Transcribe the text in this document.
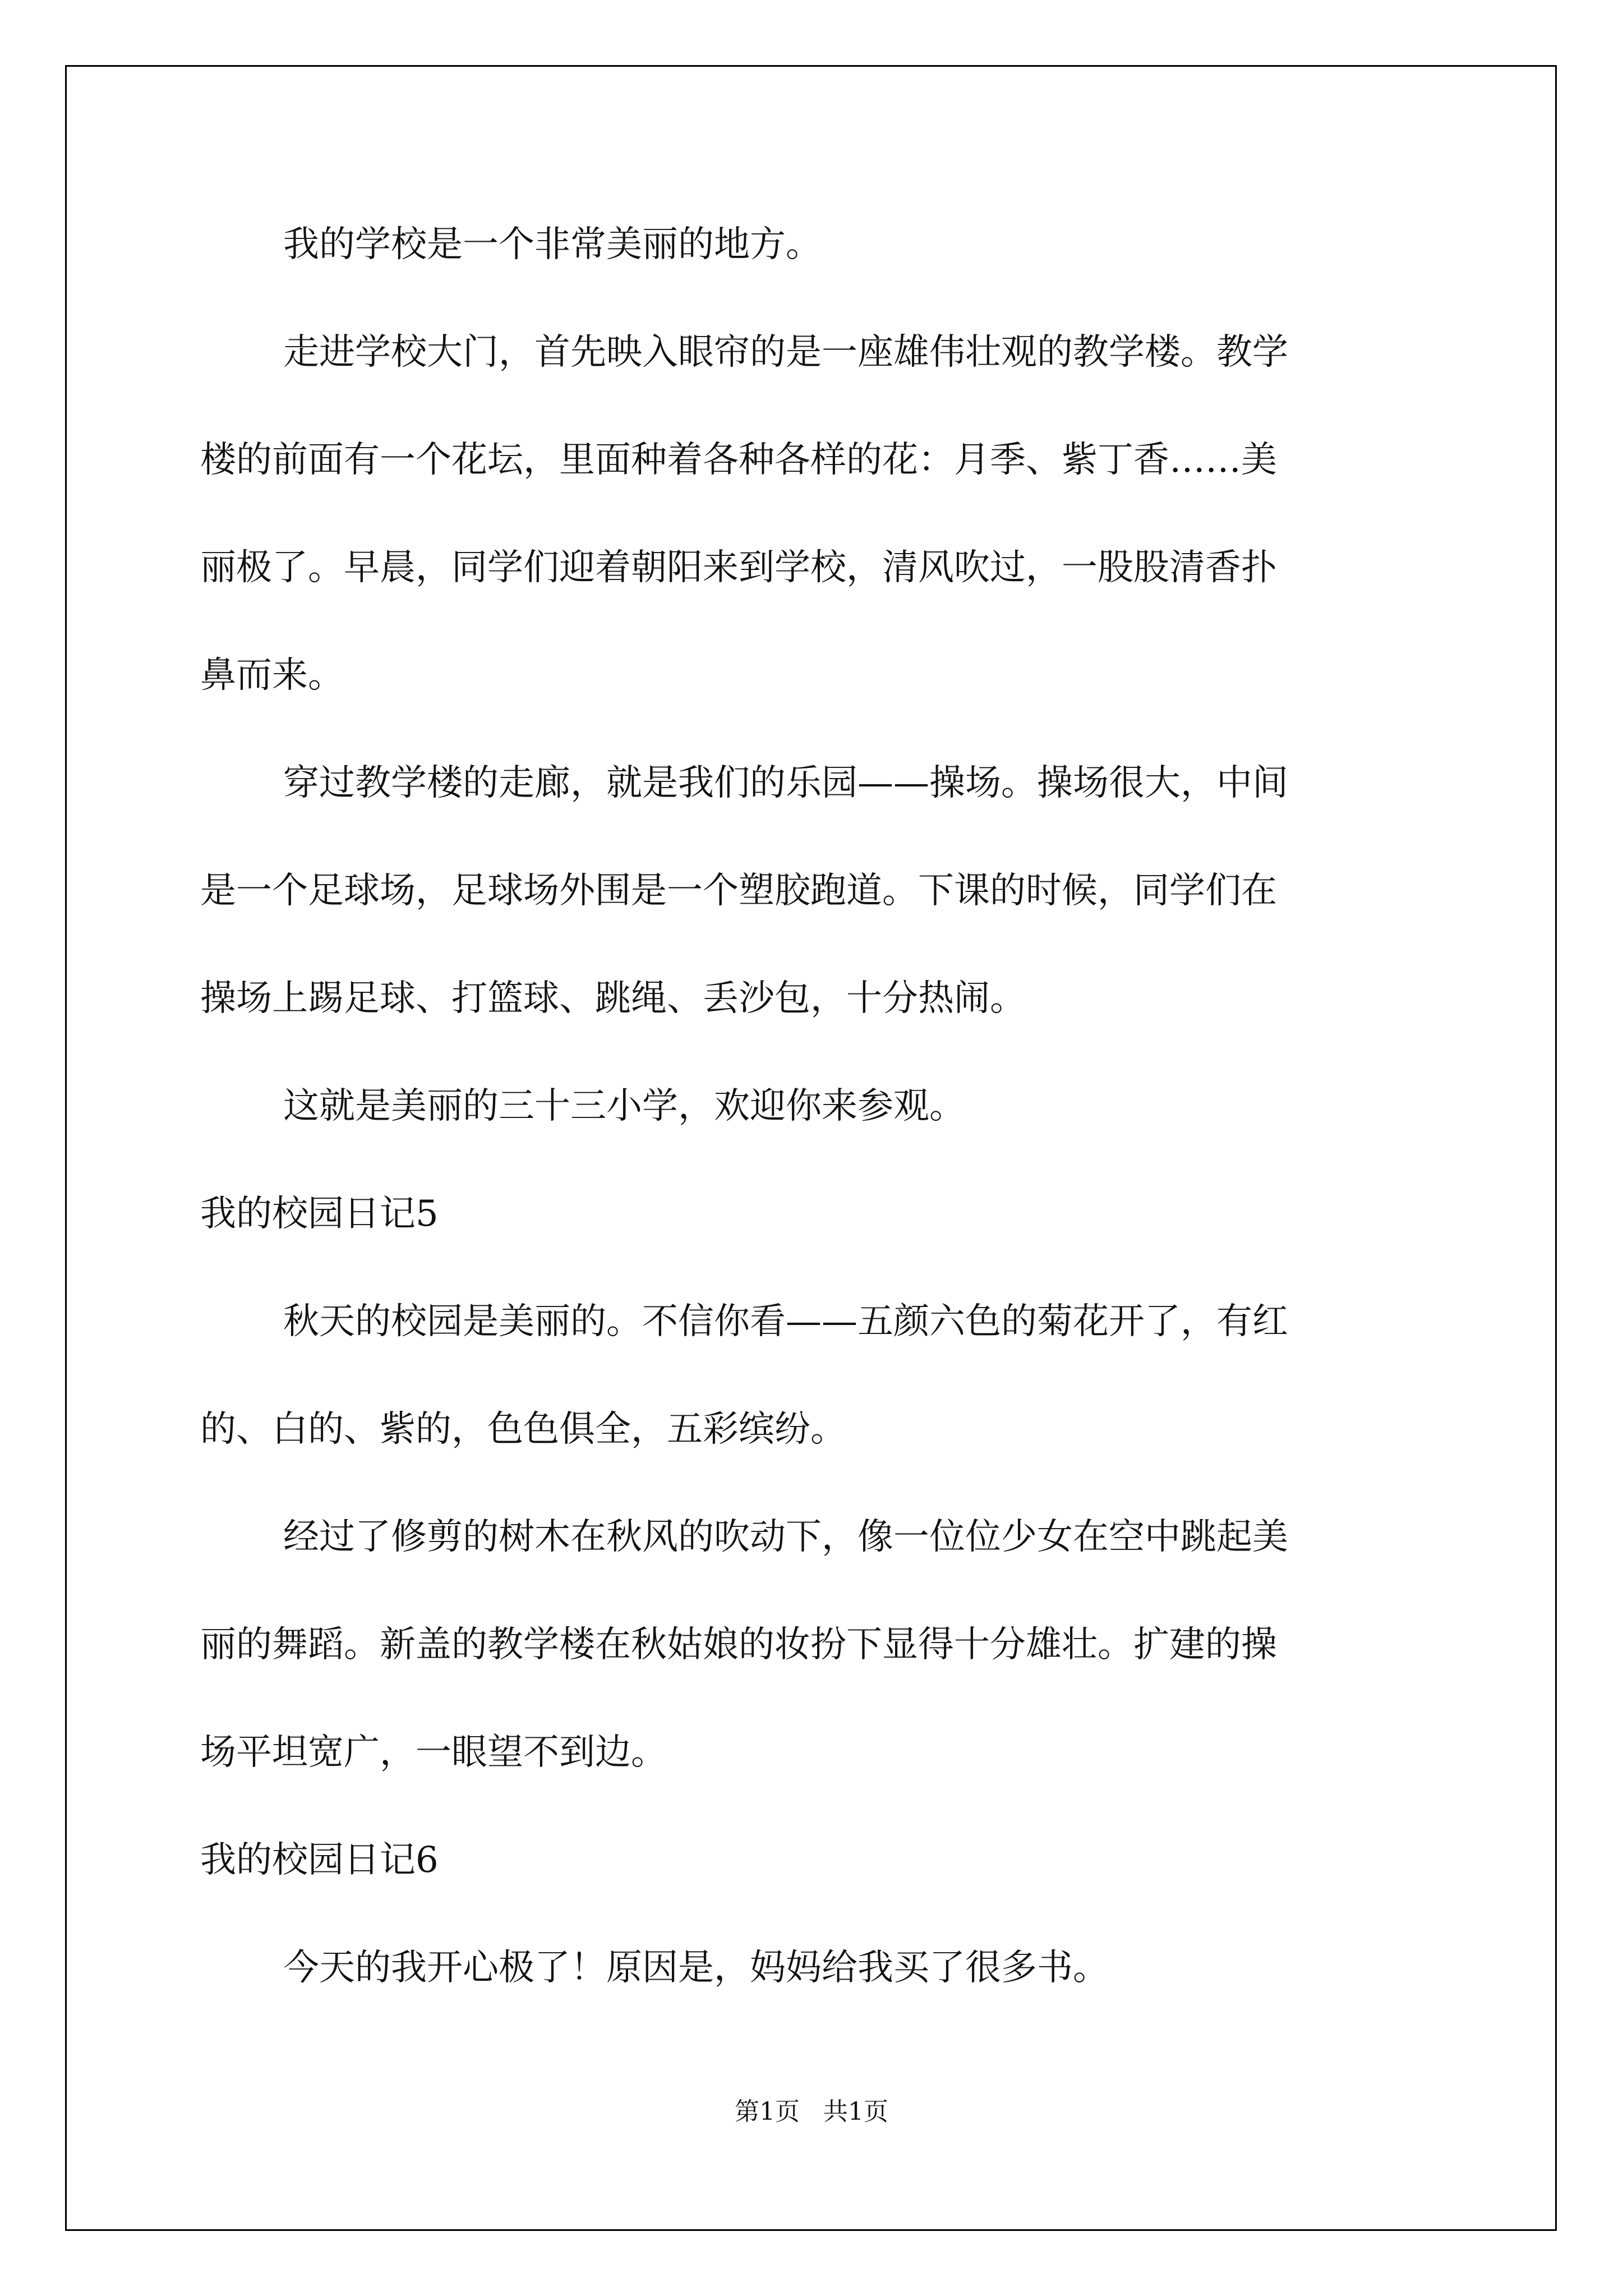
我的学校是一个非常美丽的地方。

走进学校大门，首先映入眼帘的是一座雄伟壮观的教学楼。教学
楼的前面有一个花坛，里面种着各种各样的花：月季、紫丁香……美
丽极了。早晨，同学们迎着朝阳来到学校，清风吹过，一股股清香扑
鼻而来。

穿过教学楼的走廊，就是我们的乐园——操场。操场很大，中间
是一个足球场，足球场外围是一个塑胶跑道。下课的时候，同学们在
操场上踢足球、打篮球、跳绳、丢沙包，十分热闹。

这就是美丽的三十三小学，欢迎你来参观。

我的校园日记5

秋天的校园是美丽的。不信你看——五颜六色的菊花开了，有红
的、白的、紫的，色色俱全，五彩缤纷。

经过了修剪的树木在秋风的吹动下，像一位位少女在空中跳起美
丽的舞蹈。新盖的教学楼在秋姑娘的妆扮下显得十分雄壮。扩建的操
场平坦宽广，一眼望不到边。

我的校园日记6

今天的我开心极了！原因是，妈妈给我买了很多书。

第1页 共1页
